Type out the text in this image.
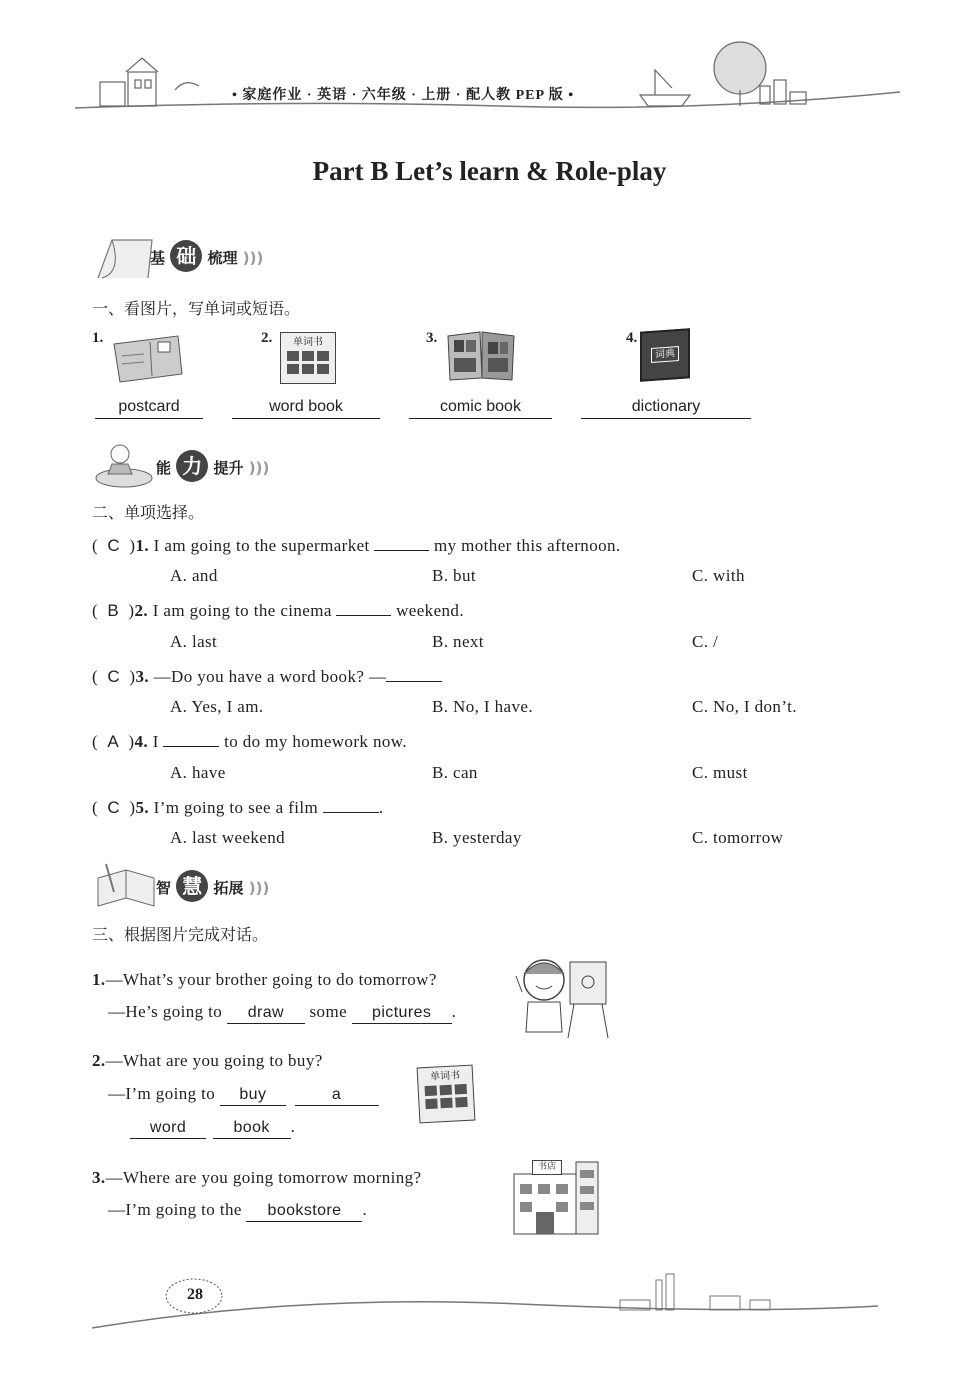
• 家庭作业 · 英语 · 六年级 · 上册 · 配人教 PEP 版 •
Part B Let’s learn & Role-play
基 础 梳理 )))
一、看图片，写单词或短语。
1.
postcard
2.	单词书
word book
3.
comic book
4.
词典
dictionary
能 力 提升 )))
二、单项选择。
(  C  )1. I am going to the supermarket	my mother this afternoon.
A. and	B. but	C. with
(  B  )2. I am going to the cinema	weekend.
A. last	B. next	C. /
(  C  )3. —Do you have a word book? —
A. Yes, I am.	B. No, I have.	C. No, I don’t.
(  A  )4. I	to do my homework now.
A. have	B. can	C. must
(  C  )5. I’m going to see a film	.
A. last weekend	B. yesterday	C. tomorrow
智 慧 拓展 )))
三、根据图片完成对话。
1.—What’s your brother going to do tomorrow?
—He’s going to draw some pictures .
2.—What are you going to buy?
—I’m going to buy	a
word	book .
单词书
3.—Where are you going tomorrow morning?
—I’m going to the bookstore .
书店
28
